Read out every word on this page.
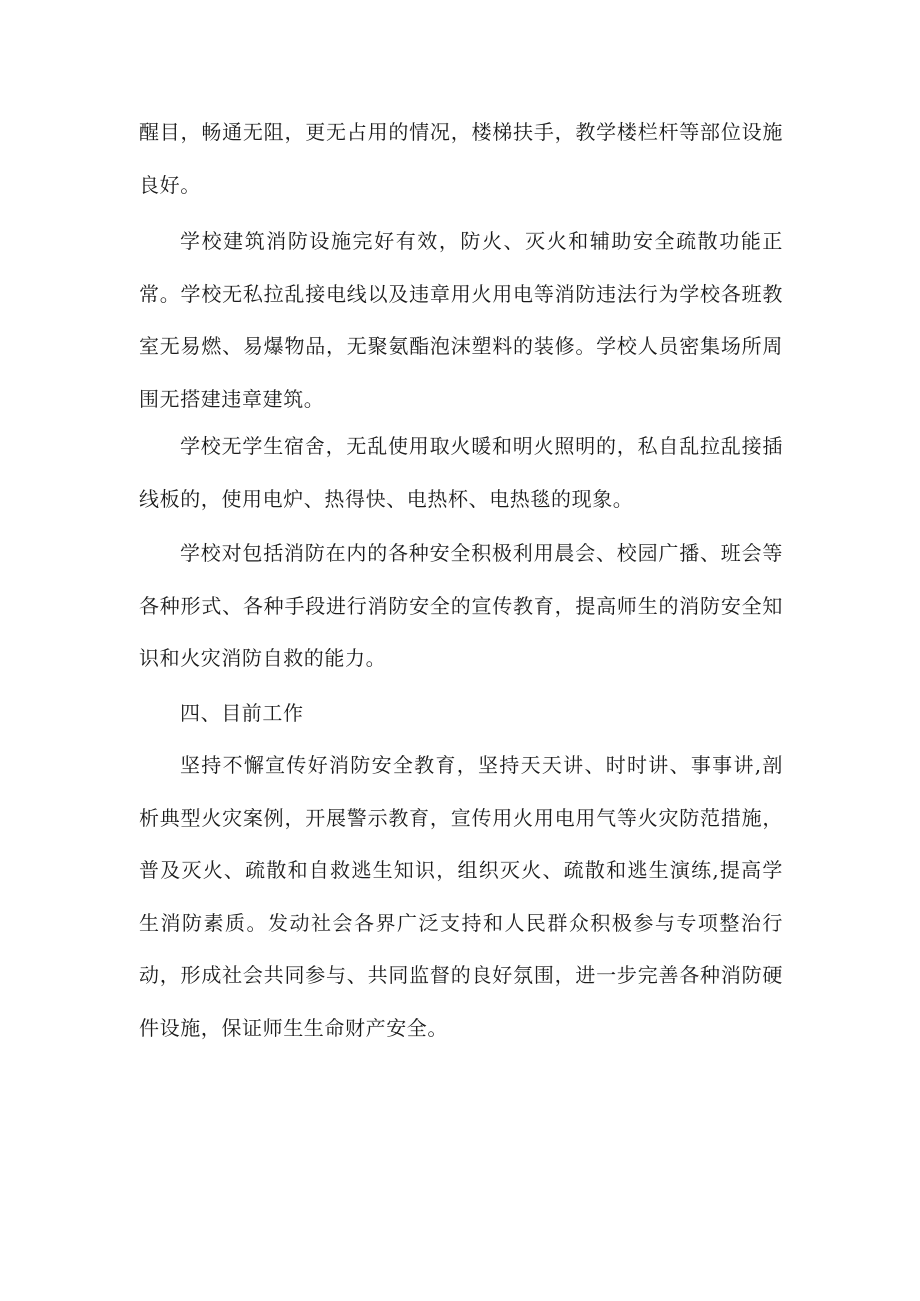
醒目，畅通无阻，更无占用的情况，楼梯扶手，教学楼栏杆等部位设施良好。

学校建筑消防设施完好有效，防火、灭火和辅助安全疏散功能正常。学校无私拉乱接电线以及违章用火用电等消防违法行为学校各班教室无易燃、易爆物品，无聚氨酯泡沫塑料的装修。学校人员密集场所周围无搭建违章建筑。

学校无学生宿舍，无乱使用取火暖和明火照明的，私自乱拉乱接插线板的，使用电炉、热得快、电热杯、电热毯的现象。

学校对包括消防在内的各种安全积极利用晨会、校园广播、班会等各种形式、各种手段进行消防安全的宣传教育，提高师生的消防安全知识和火灾消防自救的能力。

四、目前工作

坚持不懈宣传好消防安全教育，坚持天天讲、时时讲、事事讲,剖析典型火灾案例，开展警示教育，宣传用火用电用气等火灾防范措施，普及灭火、疏散和自救逃生知识，组织灭火、疏散和逃生演练,提高学生消防素质。发动社会各界广泛支持和人民群众积极参与专项整治行动，形成社会共同参与、共同监督的良好氛围，进一步完善各种消防硬件设施，保证师生生命财产安全。
